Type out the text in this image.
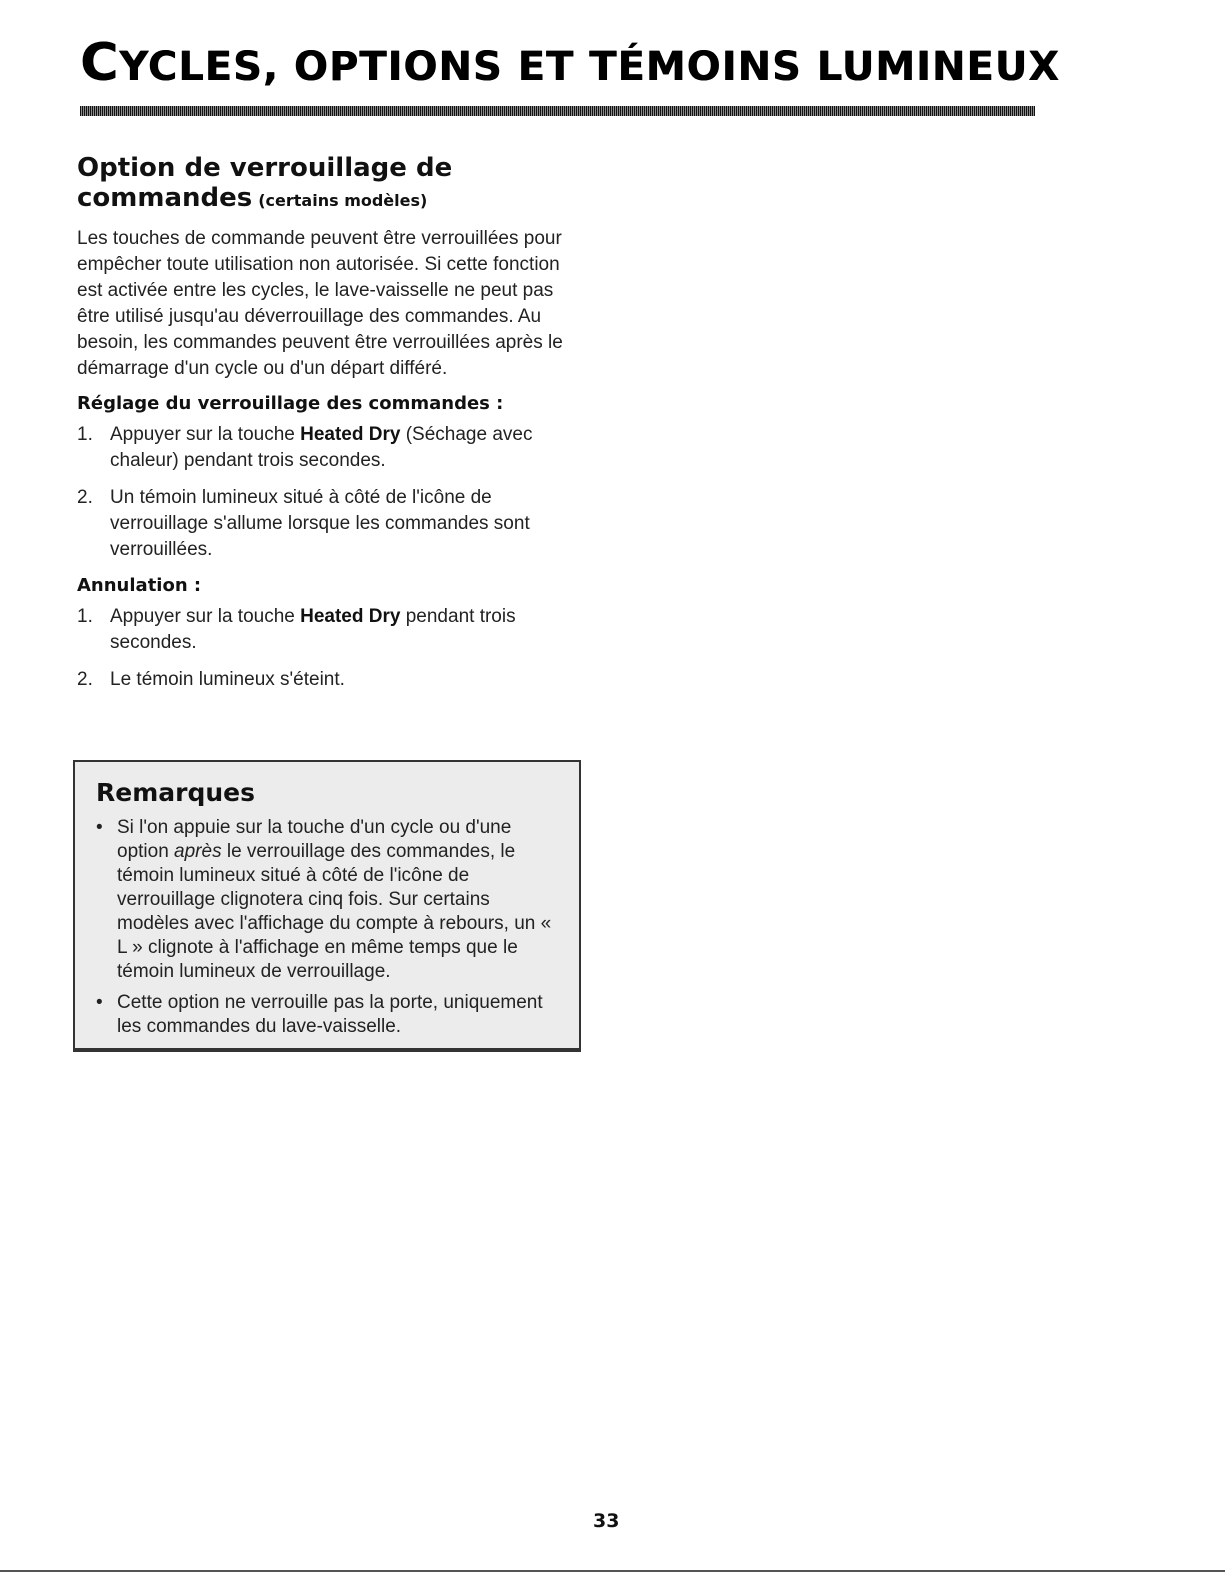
CYCLES, OPTIONS ET TÉMOINS LUMINEUX
Option de verrouillage de
commandes (certains modèles)

Les touches de commande peuvent être verrouillées pour empêcher toute utilisation non autorisée. Si cette fonction est activée entre les cycles, le lave-vaisselle ne peut pas être utilisé jusqu'au déverrouillage des commandes. Au besoin, les commandes peuvent être verrouillées après le démarrage d'un cycle ou d'un départ différé.

Réglage du verrouillage des commandes :
1. Appuyer sur la touche Heated Dry (Séchage avec chaleur) pendant trois secondes.
2. Un témoin lumineux situé à côté de l'icône de verrouillage s'allume lorsque les commandes sont verrouillées.
Annulation :
1. Appuyer sur la touche Heated Dry pendant trois secondes.
2. Le témoin lumineux s'éteint.
Remarques
• Si l'on appuie sur la touche d'un cycle ou d'une option après le verrouillage des commandes, le témoin lumineux situé à côté de l'icône de verrouillage clignotera cinq fois. Sur certains modèles avec l'affichage du compte à rebours, un « L » clignote à l'affichage en même temps que le témoin lumineux de verrouillage.
• Cette option ne verrouille pas la porte, uniquement les commandes du lave-vaisselle.
33
